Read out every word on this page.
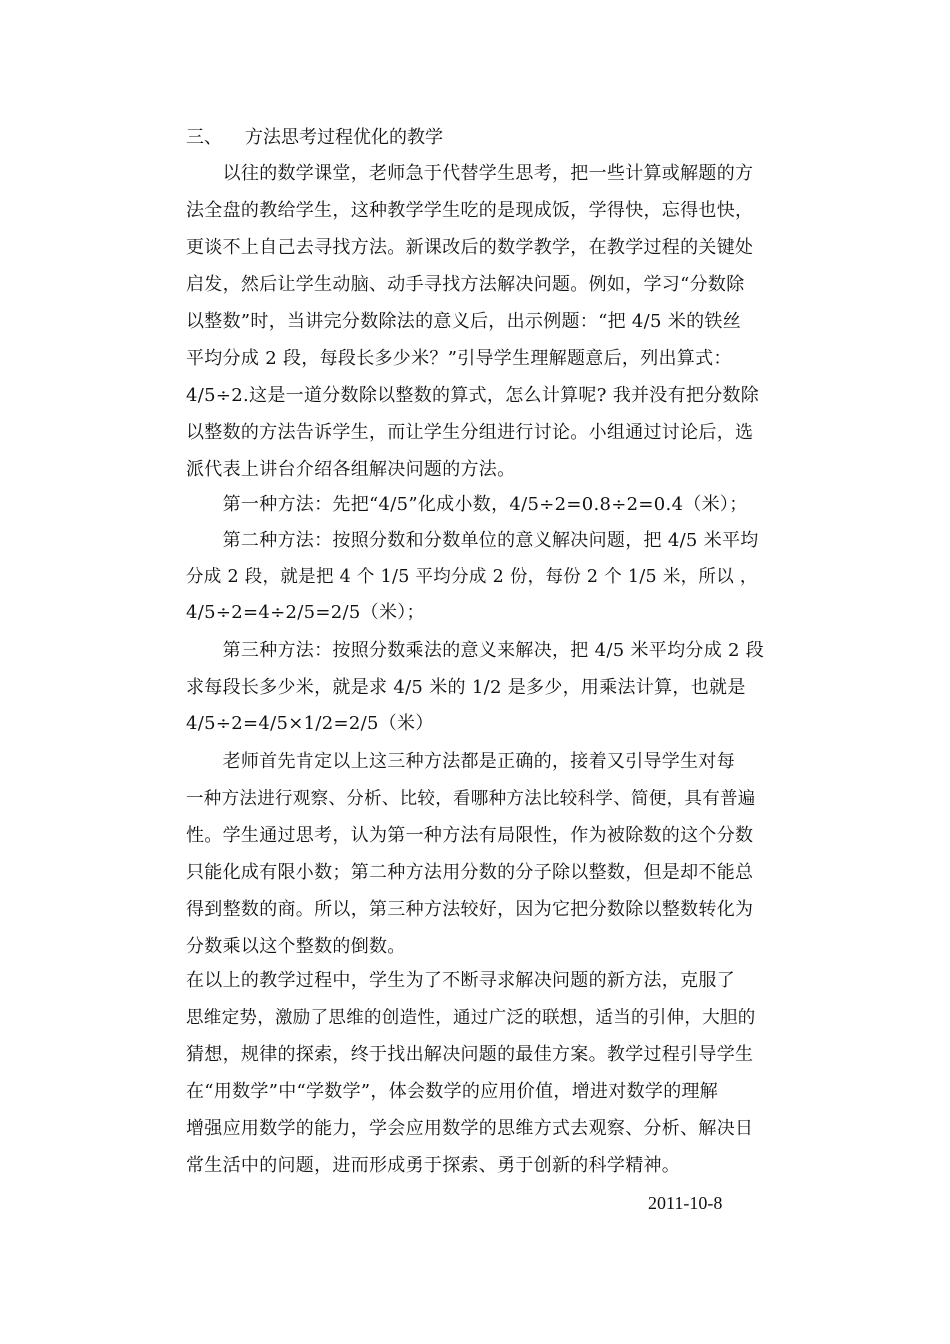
三、 方法思考过程优化的教学
　　以往的数学课堂，老师急于代替学生思考，把一些计算或解题的方
法全盘的教给学生，这种教学学生吃的是现成饭，学得快，忘得也快，
更谈不上自己去寻找方法。新课改后的数学教学，在教学过程的关键处
启发，然后让学生动脑、动手寻找方法解决问题。例如，学习“分数除
以整数”时，当讲完分数除法的意义后，出示例题：“把 4/5 米的铁丝
平均分成 2 段，每段长多少米？”引导学生理解题意后，列出算式：
4/5÷2.这是一道分数除以整数的算式，怎么计算呢? 我并没有把分数除
以整数的方法告诉学生，而让学生分组进行讨论。小组通过讨论后，选
派代表上讲台介绍各组解决问题的方法。
　　第一种方法：先把“4/5”化成小数，4/5÷2=0.8÷2=0.4（米）；
　　第二种方法：按照分数和分数单位的意义解决问题，把 4/5 米平均
分成 2 段，就是把 4 个 1/5 平均分成 2 份，每份 2 个 1/5 米，所以 ，
4/5÷2=4÷2/5=2/5（米）；
　　第三种方法：按照分数乘法的意义来解决，把 4/5 米平均分成 2 段
求每段长多少米，就是求 4/5 米的 1/2 是多少，用乘法计算，也就是
4/5÷2=4/5×1/2=2/5（米）
　　老师首先肯定以上这三种方法都是正确的，接着又引导学生对每
一种方法进行观察、分析、比较，看哪种方法比较科学、简便，具有普遍
性。学生通过思考，认为第一种方法有局限性，作为被除数的这个分数
只能化成有限小数；第二种方法用分数的分子除以整数，但是却不能总
得到整数的商。所以，第三种方法较好，因为它把分数除以整数转化为
分数乘以这个整数的倒数。
在以上的教学过程中，学生为了不断寻求解决问题的新方法，克服了
思维定势，激励了思维的创造性，通过广泛的联想，适当的引伸，大胆的
猜想，规律的探索，终于找出解决问题的最佳方案。教学过程引导学生
在“用数学”中“学数学”，体会数学的应用价值，增进对数学的理解
增强应用数学的能力，学会应用数学的思维方式去观察、分析、解决日
常生活中的问题，进而形成勇于探索、勇于创新的科学精神。
2011-10-8
